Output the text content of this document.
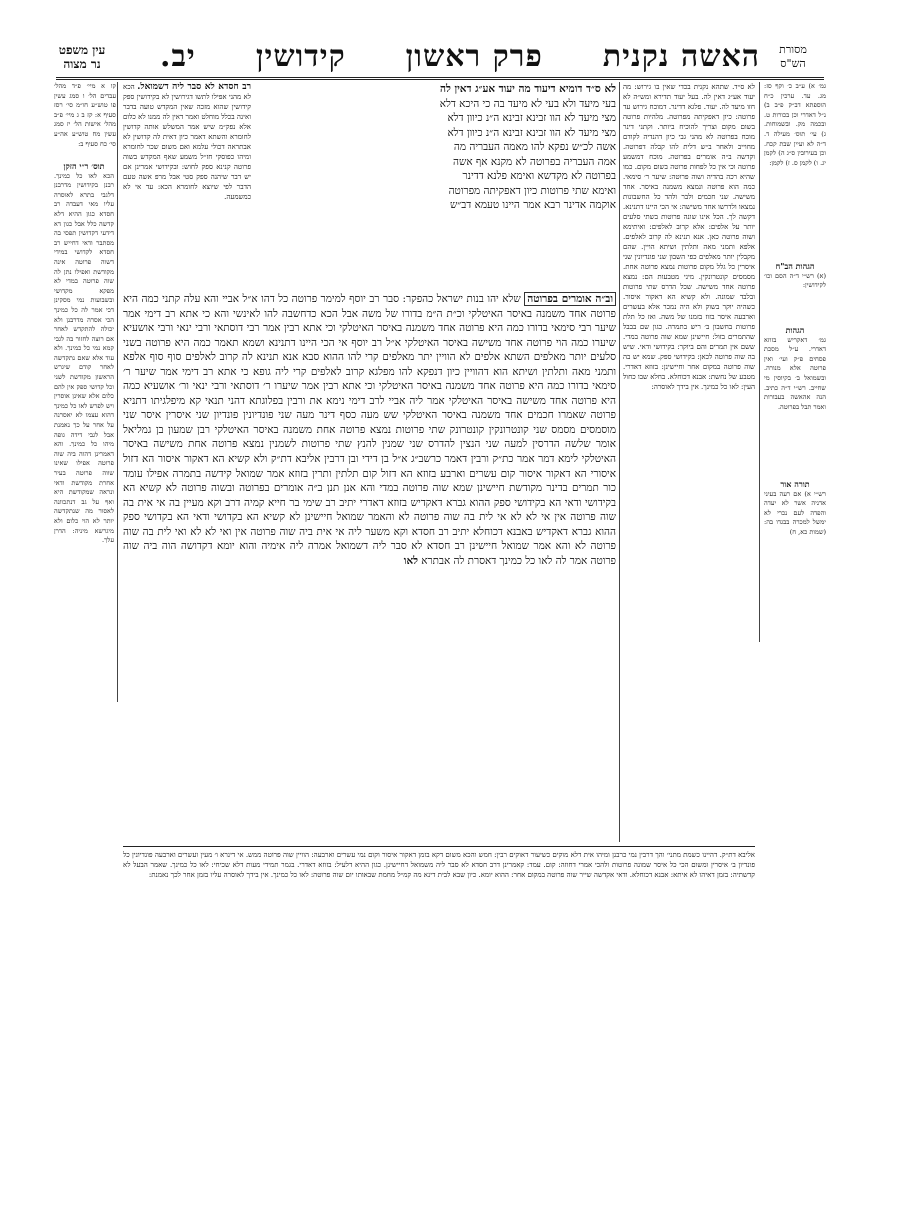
עין משפט
נר מצוה	האשה נקנית
פרק ראשון
קידושין
יב.	מסורת
הש"ס
קו א מיי׳ פ״ד מהל׳ עבדים הל׳ ו סמג עשין פו טוש״ע חו״מ סי׳ רסז סעיף א: קז ב ג מיי׳ פ״ב מהל׳ אישות הל׳ יז סמג עשין מח טוש״ע אה״ע סי׳ כח סעיף ב:
תוס׳ ר״י הזקן
הכא לאו כל כמינך. רבנן בקידושין מדרבנן דלגבי בתרא לאוסרה עליו מאי דעבדה רב חסדא כגון ההיא דלא קדשה כלל אבל כגון דא דידעי דקדושין תפסי בה מסתבר ודאי דחייש רב חסדא לקדושי במידי דשוה פרוטה אינה מקודשת ואפילו נתן לה שוה פרוטה במדי לא מפקא מקדושי ובשבועות נמי מסקינן דכי אמר לה כל כמינך הכי אסרה מדרבנן ולא יכולה להתקדש לאחר אם רוצה לחזור בה לגבי קמא נמי כל כמינך. ולא עוד אלא שאם נתקדשה לאחר קודם שיגרש הראשון מקודשת לשני וכל קדושי ספק אין להם כלום אלא שאינן אוסרין ויש לפרש לאו כל כמינך דהוא עצמו לא יאסרנה על אחר על כך נאמנת אבל לגבי דידה גופה מיהו כל כמינך. והא דאמרינן דהוה ביה שוה פרוטה אפילו שאינו שווה פרוטה בעיר אחרת מקודשת ודאי ונראה שמקודשת היא ואף על גב דנתכוונה לאסור מה שנתקדשה יותר לא הוי כלום ולא מיגרשא מיניה: הדרן עלך.
רב חסדא לא סבר ליה דשמואל. הכא לא מהני אפילו לתשו דגירושין לא בקידושין ספק קידושין שהוא מזכה שאין המקדש טועה בדבר ואינה בכלל מוחלט ואמר דאין לה ממנו לא כלום אלא נפק״מ שיש אמר המשלש אותה קדושין לחומרא והשתא דאמר כיון דאית לה קדושין לא אבתראה דכולי עלמא ואם משום שכר לחומרא ומיהו כפוסקי חז״ל משמע שאף המקדש בשוה פרוטה קנינא ספק לחוש: ובקידושי אמרינן אם יש דבר שיהנה ספק סטי אבל מרפ אשה טעם הדבר לפי שיוצא לחומרא הכא: עד אי לא כמשמעה.
לא ס״ד דומיא דיעוד מה יעוד אע״ג דאין לה
בעי מיעד ולא בעי לא מיעד בה כי היכא דלא
מצי מיעד לא הוו זבינא זבינא ה״נ כיוון דלא
מצי מיעד לא הוו זבינא זבינא ה״נ כיוון דלא
אשה לכ״ש נפקא להו מאמה העבריה מה
אמה העבריה בפרוטה לא מקנא אף אשה
בפרוטה לא מקדשא ואימא פלנא דדינר
ואימא שתי פרוטות כיון דאפקיתה מפרוטה
אוקמה אדינר רבא אמר היינו טעמא דב״ש
וב״ה אומרים בפרוטה שלא יהו בנות ישראל כהפקר: סבר רב יוסף למימר פרוטה כל דהו א״ל אביי והא עלה קתני כמה היא פרוטה אחד משמנה באיסר האיטלקי וכ״ת ה״מ בדורו של משה אבל הכא כדחשבה להו לאינשי והא כי אתא רב דימי אמר שיער רבי סימאי בדורו כמה היא פרוטה אחד משמנה באיסר האיטלקי וכי אתא רבין אמר רבי דוסתאי ורבי ינאי ורבי אושעיא שיערו כמה הוי פרוטה אחד משישה באיסר האיטלקי א״ל רב יוסף אי הכי היינו דתנינא ושמא תאמר כמה היא פרוטה בשני סלעים יותר מאלפים השתא אלפים לא הוויין יתר מאלפים קרי להו ההוא סבא אנא תנינא לה קרוב לאלפים סוף סוף אלפא ותמני מאה ותלתין ושיתא הוא דהוויין כיון דנפקא להו מפלגא קרוב לאלפים קרי ליה גופא כי אתא רב דימי אמר שיער ר׳ סימאי בדורו כמה היא פרוטה אחד משמנה באיסר האיטלקי וכי אתא רבין אמר שיערו ר׳ דוסתאי ורבי ינאי ור׳ אושעיא כמה היא פרוטה אחד משישה באיסר האיטלקי אמר ליה אביי לרב דימי נימא את ורבין בפלוגתא דהני תנאי קא מיפלגיתו דתניא פרוטה שאמרו חכמים אחד משמנה באיסר האיטלקי שש מעה כסף דינר מעה שני פונדיונין פונדיון שני איסרין איסר שני מוסמסים מסמס שני קונטרונקין קונטרונק שתי פרוטות נמצא פרוטה אחת משמנה באיסר האיטלקי רבן שמעון בן גמליאל אומר שלשה הדרסין למעה שני הנצין להדרס שני שמנין להנץ שתי פרוטות לשמנין נמצא פרוטה אחת משישה באיסר האיטלקי לימא דמר אמר כת״ק ורבין דאמר כרשב״ג א״ל בן דידי ובן דרבין אליבא דת״ק ולא קשיא הא דאקור איסור הא דזול איסורי הא דאקור איסור קום עשרים וארבע בזוזא הא דזול קום תלתין ותרין בזוזא אמר שמואל קידשה בתמרה אפילו עומד כור תמרים בדינר מקודשת חיישינן שמא שוה פרוטה במדי והא אנן תנן ב״ה אומרים בפרוטה ובשוה פרוטה לא קשיא הא בקידושי ודאי הא בקידושי ספק ההוא גברא דאקדיש בזוזא דאדרי יתיב רב שימי בר חייא קמיה דרב וקא מעיין בה אי אית בה שוה פרוטה אין אי לא לא אי לית בה שוה פרוטה לא והאמר שמואל חיישינן לא קשיא הא בקדושי ודאי הא בקדושי ספק ההוא גברא דאקדיש באבנא דכוחלא יתיב רב חסדא וקא משער ליה אי אית ביה שוה פרוטה אין ואי לא לא ואי לית בה שוה פרוטה לא והא אמר שמואל חיישינן רב חסדא לא סבר ליה דשמואל אמרה ליה אימיה והוא יומא דקדושה הוה ביה שוה פרוטה אמר לה לאו כל כמינך דאסרת לה אבתרא לאו
לא ס״ד. שתהא נקנית בכדי שאין בו גירוש: מה יעוד אע״ג דאין לה. בעל יעוד תדירא ומש״ה לא חזו מיעד לה. יעוד. פלגא דדינר. דמוכח גירוש עד פרוטה: כיון דאפקיתה מפרוטה. מלהיות פרוטה בשום מקום וצריך להוכיח ביותר. וקתני דינר מוכח בפרוטה לא מהני גבי כיון דהנדיה לקודם מחוייב ולאחר ב״ש דלית להו קבלה דפרוטה. וקדשה ב״ה אומרים בפרוטה. מוכח דמשמע פרוטה וכי אין כל לפחות פרוטה בשום מקום. כמו שהיא רכה בהדיה ושוה פרוטה: שיער ר׳ סימאי. כמה הוא פרוטה ונמצא משמנה באיסר. אחד משישה. שני חכמים ולבר ולהד כל החשבונות נמצאו ולדרשו אחד משישה: אי הכי היינו דתנינא. דקשה לך. הכל אינו שונה פרוטות בשתי סלעים יותר על אלפים: אלא קרוב לאלפים: ואיתימא ושוה פרוטה כאן. אנא תנינא לה קרוב לאלפים. אלפא ותמני מאה ותלתין ושיתא הויין. שהם מקבלין יותר מאלפים כפי השבון שני פונדיונין שני איסרין כל גלל מקום פרוטות נמצא פרוטה אחת. מסמסים קונטרונקין. מיני מטבעות הם: נמצא פרוטה אחד משישה. שכל הדרס שתי פרוטות ובלבד שמונה. ולא קשיא הא דאקור איסור. כשהיה יוקר בשוק ולא היה נמכר אלא בעשרים וארבעה איסר בזוז בזמנו של משה. ואז כל תלת פרוטות בחשבון ב׳ ריש בתמרה. כגון שם בבבל שהתמרים בזול: חיישינן שמא שוה פרוטה במדי. ששם אין תמרים והם ביוקר: בקידושי ודאי. שיש בה שוה פרוטה לכאן: בקידושי ספק. שמא יש בה שוה פרוטה במקום אחר וחיישינן: בזוזא דאדרי. מטבע של נחשת: אבנא דכוחלא. בחלא שבו כחול העין: לאו כל כמינך. אין בידך לאוסרה:
גמ׳ א) ע״ב כ׳ וקף סז: מג. עד. ערכין כ״ח הוספתא דב״ק פ״ב ב) נ״ל דאדרי וכן בכורות ט. ובכמה מק. ובשמוחות. ג) עי׳ תוס׳ מעילה ד. ד״ה לא ועיין שבת קכח. וכן בעירובין ס״ג ה) לקמן יג. ו) לקמן ס. ז) לקמן:
הגהות הב"ח
(א) רש״י ד״ה הסם וכו׳ לקידושין:
הגהות
גמ׳ דאקריש בזוזא דאדרי. ע״ל מסכת פסחים פ״ק ועי׳ ואין פרוטה אלא מנורה. ובשמואל ב׳ בקיוסין מי שחייב. רש״י ד״ה כתיב. הנה אהאשה בעבורות ואמר תבל בפרוטה.
תורה אור
רש״י א) אם רעה בעיני אדניה אשר לא יעדה והפדה לעם נכרי לא ימשל למכרה בבגדו בה: (שמות כא, ח)
אליבא דת״ק. דהיינו כשמת מתני׳ והך דרבין נמי כרבנן ומיהו אית דלא מוקים כשיעור דאוקים רבין: חמש והכא משום דקא בזמן דאקור איסור וקום נמי עשרים וארבעה: הוויין שוה פרוטה ממש. אי דינרא ו׳ מעין ועשרים וארבעה פונדיונין כל פונדיון ב׳ איסרין ומשום הכי כל איסר שמונה פרוטות ולהכי אמרי דחוזה: קום. עמד: קאמרינן דרב חסדא לא סבר ליה משמואל דחיישינן. כגון ההיא דלעיל: בזוזא דאדרי. בגמר תמידי מעות דלא שכיחי: לאו כל כמינך. שאמר הבעל לא קדשתיה: בזמן דאיהו לא איתא: אבנא דכוחלא. ודאי אקדשה שייר שוה פרוטה במקום אחר: ההוא יומא. כיון שבא לבית דינא מה קמ״ל מחמת שבאותו יום שוה פרוטה: לאו כל כמינך. אין בידך לאוסרה עליו בזמן אחר לכך נאמנת:
